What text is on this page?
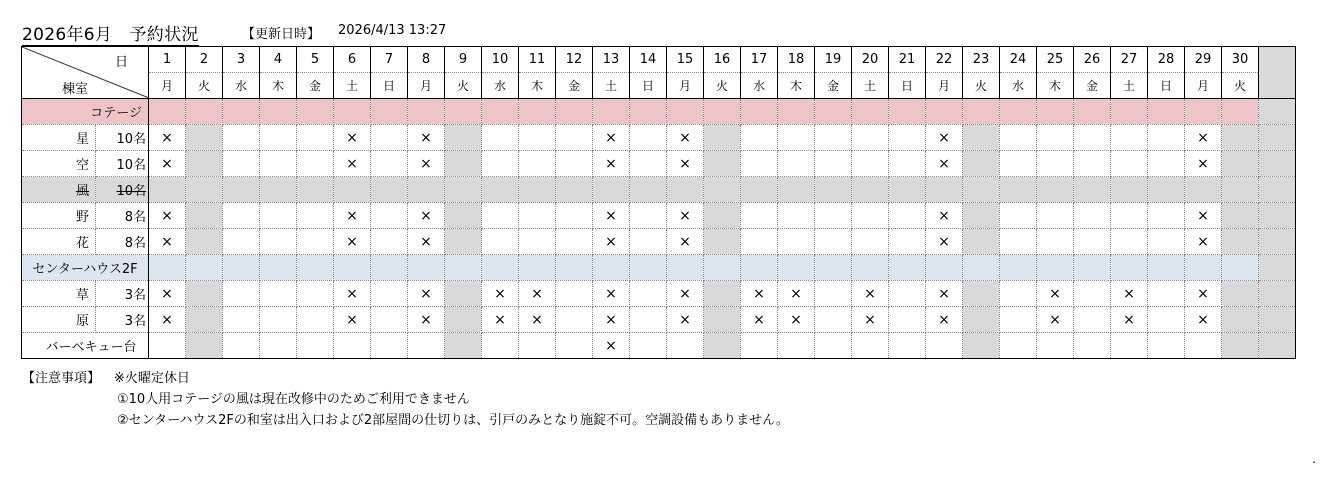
2026年6月　予約状況	【更新日時】 2026/4/13 13:27
日
棟室		1	2	3	4	5	6	7	8	9	10	11	12	13	14	15	16	17	18	19	20	21	22	23	24	25	26	27	28	29	30	
		月	火	水	木	金	土	日	月	火	水	木	金	土	日	月	火	水	木	金	土	日	月	火	水	木	金	土	日	月	火	
コテージ																																
星	10名	×					×		×					×		×							×							×		
空	10名	×					×		×					×		×							×							×		
風	10名																															
野	8名	×					×		×					×		×							×							×		
花	8名	×					×		×					×		×							×							×		
センターハウス2F																																
草	3名	×					×		×		×	×		×		×		×	×		×		×			×		×		×		
原	3名	×					×		×		×	×		×		×		×	×		×		×			×		×		×		
バーベキュー台														×																		
【注意事項】 ※火曜定休日
①10人用コテージの風は現在改修中のためご利用できません
②センターハウス2Fの和室は出入口および2部屋間の仕切りは、引戸のみとなり施錠不可。空調設備もありません。
.
